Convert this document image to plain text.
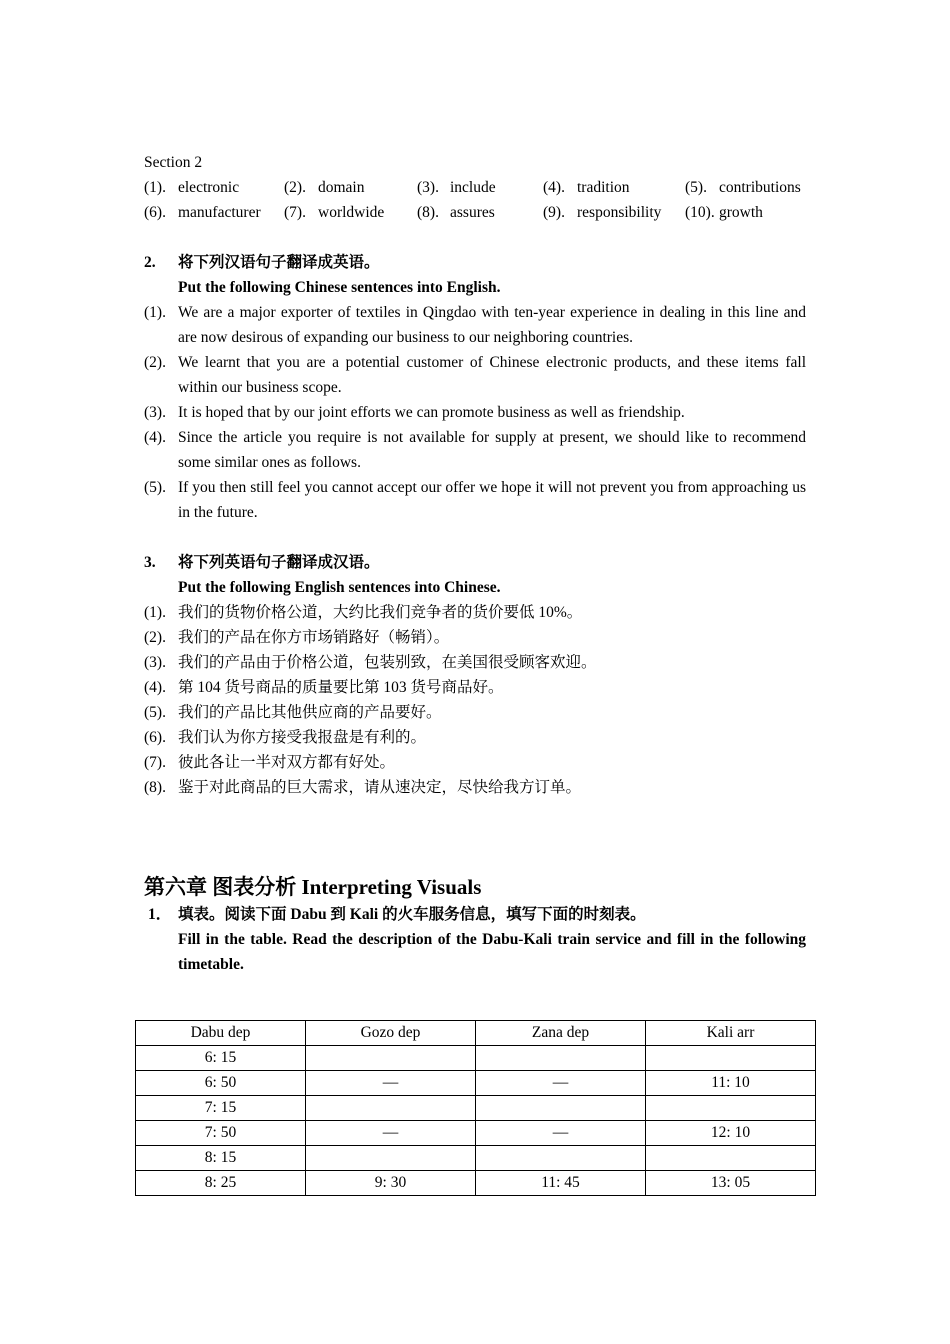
Section 2
(1). electronic	(2). domain	(3). include	(4). tradition	(5). contributions
(6). manufacturer (7). worldwide (8). assures	(9). responsibility (10). growth
2.	将下列汉语句子翻译成英语。
Put the following Chinese sentences into English.
(1). We are a major exporter of textiles in Qingdao with ten-year experience in dealing in this line and are now desirous of expanding our business to our neighboring countries.
(2). We learnt that you are a potential customer of Chinese electronic products, and these items fall within our business scope.
(3). It is hoped that by our joint efforts we can promote business as well as friendship.
(4). Since the article you require is not available for supply at present, we should like to recommend some similar ones as follows.
(5). If you then still feel you cannot accept our offer we hope it will not prevent you from approaching us in the future.
3.	将下列英语句子翻译成汉语。
Put the following English sentences into Chinese.
(1). 我们的货物价格公道，大约比我们竞争者的货价要低 10%。
(2). 我们的产品在你方市场销路好（畅销）。
(3). 我们的产品由于价格公道，包装别致，在美国很受顾客欢迎。
(4). 第 104 货号商品的质量要比第 103 货号商品好。
(5). 我们的产品比其他供应商的产品要好。
(6). 我们认为你方接受我报盘是有利的。
(7). 彼此各让一半对双方都有好处。
(8). 鉴于对此商品的巨大需求，请从速决定，尽快给我方订单。
第六章 图表分析 Interpreting Visuals
1． 填表。阅读下面 Dabu 到 Kali 的火车服务信息，填写下面的时刻表。
Fill in the table. Read the description of the Dabu-Kali train service and fill in the following timetable.
Dabu dep	Gozo dep	Zana dep	Kali arr
6: 15			
6: 50	—	—	11: 10
7: 15			
7: 50	—	—	12: 10
8: 15			
8: 25	9: 30	11: 45	13: 05
